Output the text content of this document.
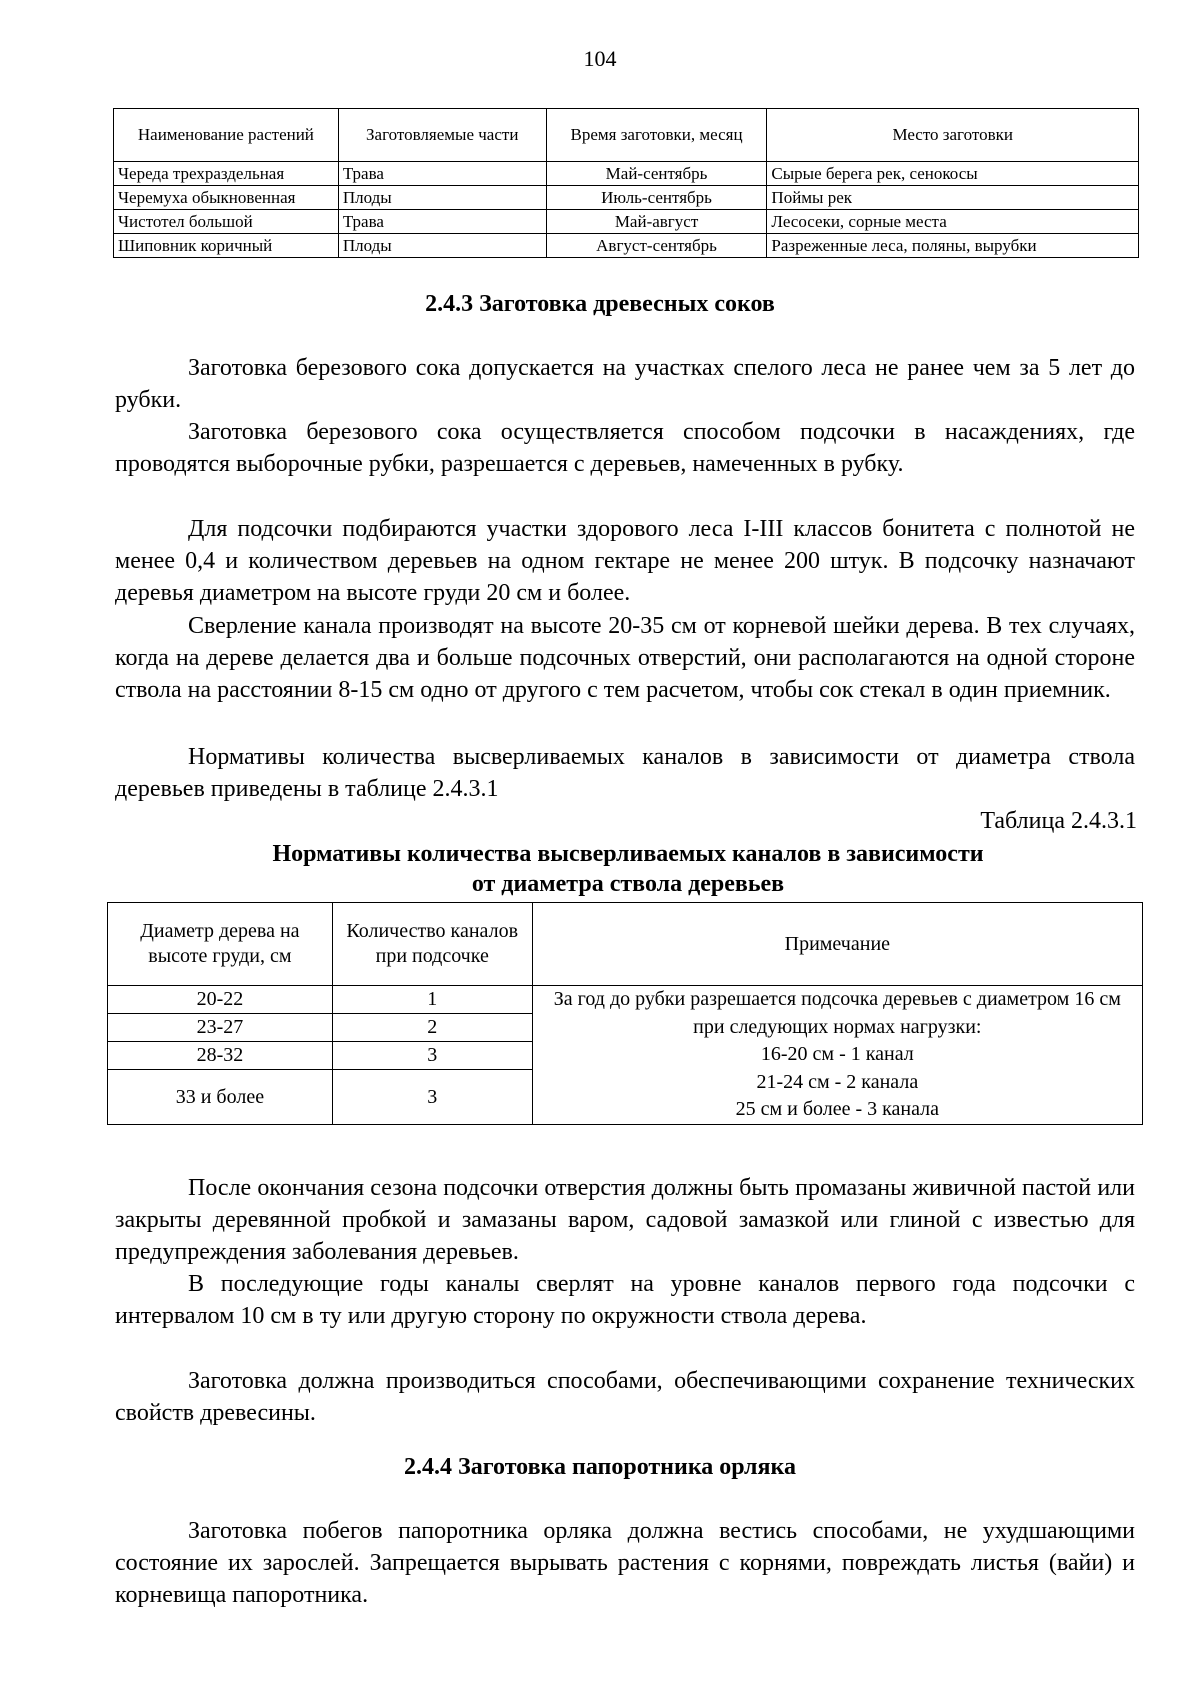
104
Наименование растений	Заготовляемые части	Время заготовки, месяц	Место заготовки
Череда трехраздельная	Трава	Май-сентябрь	Сырые берега рек, сенокосы
Черемуха обыкновенная	Плоды	Июль-сентябрь	Поймы рек
Чистотел большой	Трава	Май-август	Лесосеки, сорные места
Шиповник коричный	Плоды	Август-сентябрь	Разреженные леса, поляны, вырубки
2.4.3 Заготовка древесных соков

Заготовка березового сока допускается на участках спелого леса не ранее чем за 5 лет до рубки.

Заготовка березового сока осуществляется способом подсочки в насаждениях, где проводятся выборочные рубки, разрешается с деревьев, намеченных в рубку.

Для подсочки подбираются участки здорового леса I-III классов бонитета с полнотой не менее 0,4 и количеством деревьев на одном гектаре не менее 200 штук. В подсочку назначают деревья диаметром на высоте груди 20 см и более.

Сверление канала производят на высоте 20-35 см от корневой шейки дерева. В тех случаях, когда на дереве делается два и больше подсочных отверстий, они располагаются на одной стороне ствола на расстоянии 8-15 см одно от другого с тем расчетом, чтобы сок стекал в один приемник.

Нормативы количества высверливаемых каналов в зависимости от диаметра ствола деревьев приведены в таблице 2.4.3.1

Таблица 2.4.3.1
Нормативы количества высверливаемых каналов в зависимости от диаметра ствола деревьев
Диаметр дерева на высоте груди, см	Количество каналов при подсочке	Примечание
20-22	1	За год до рубки разрешается подсочка деревьев с диаметром 16 см при следующих нормах нагрузки:
16-20 см - 1 канал
21-24 см - 2 канала
25 см и более - 3 канала
23-27	2	
28-32	3	
33 и более	3	

После окончания сезона подсочки отверстия должны быть промазаны живичной пастой или закрыты деревянной пробкой и замазаны варом, садовой замазкой или глиной с известью для предупреждения заболевания деревьев.

В последующие годы каналы сверлят на уровне каналов первого года подсочки с интервалом 10 см в ту или другую сторону по окружности ствола дерева.

Заготовка должна производиться способами, обеспечивающими сохранение технических свойств древесины.

2.4.4 Заготовка папоротника орляка

Заготовка побегов папоротника орляка должна вестись способами, не ухудшающими состояние их зарослей. Запрещается вырывать растения с корнями, повреждать листья (вайи) и корневища папоротника.
